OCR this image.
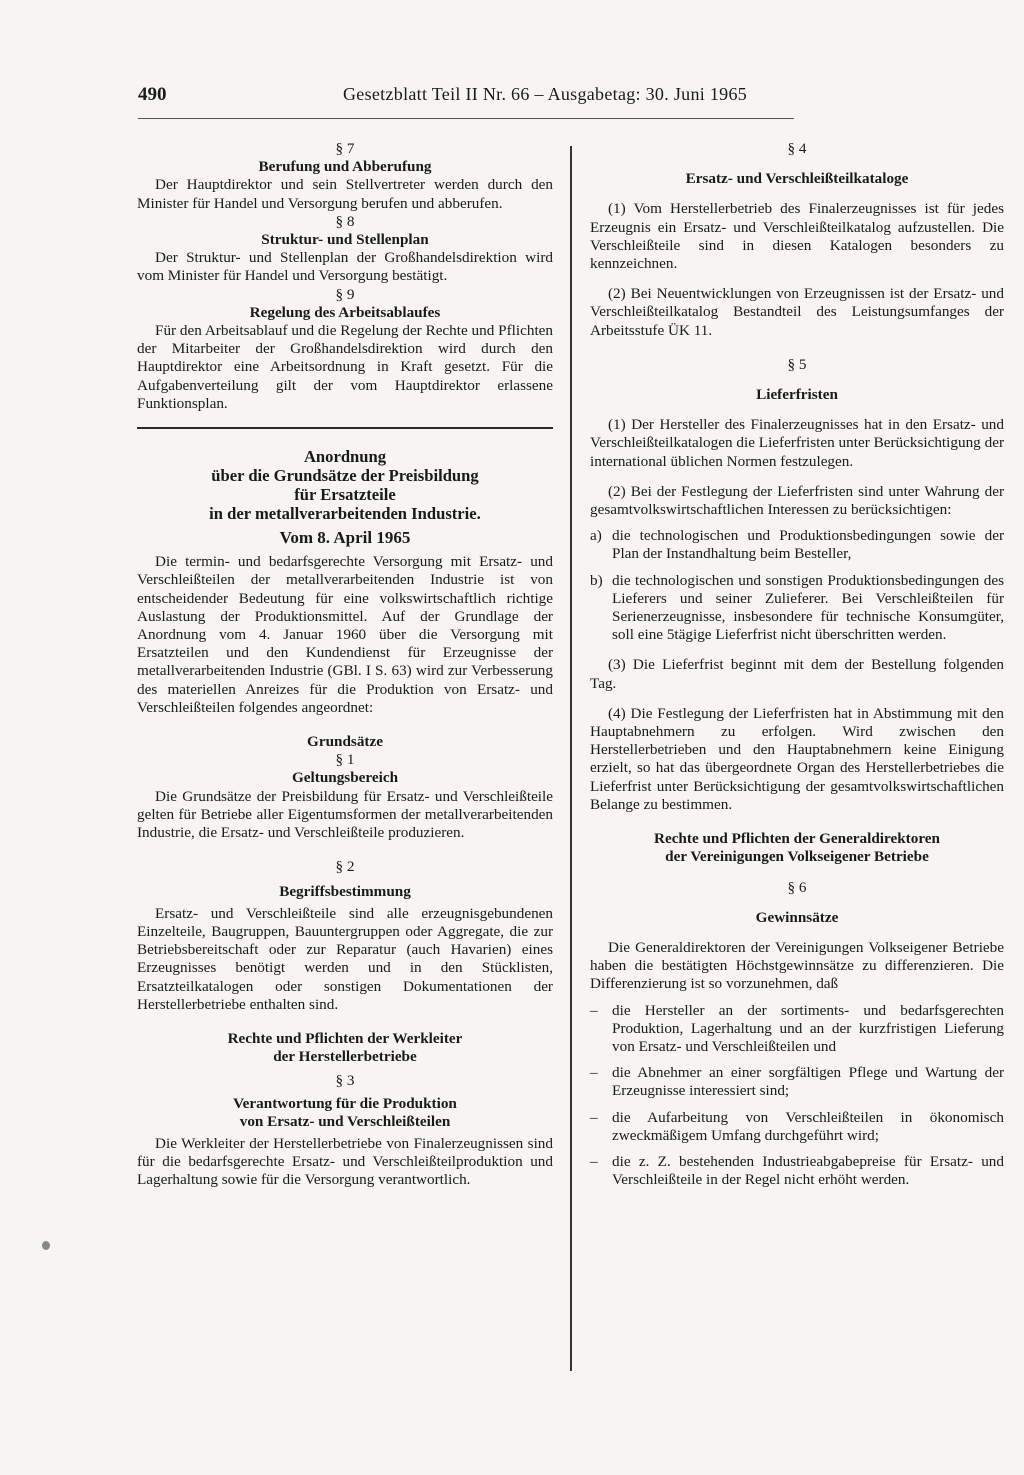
490	Gesetzblatt Teil II Nr. 66 – Ausgabetag: 30. Juni 1965
§ 7
Berufung und Abberufung
Der Hauptdirektor und sein Stellvertreter werden durch den Minister für Handel und Versorgung berufen und abberufen.
§ 8
Struktur- und Stellenplan
Der Struktur- und Stellenplan der Großhandelsdirektion wird vom Minister für Handel und Versorgung bestätigt.
§ 9
Regelung des Arbeitsablaufes
Für den Arbeitsablauf und die Regelung der Rechte und Pflichten der Mitarbeiter der Großhandelsdirektion wird durch den Hauptdirektor eine Arbeitsordnung in Kraft gesetzt. Für die Aufgabenverteilung gilt der vom Hauptdirektor erlassene Funktionsplan.
Anordnung
über die Grundsätze der Preisbildung
für Ersatzteile
in der metallverarbeitenden Industrie.
Vom 8. April 1965
Die termin- und bedarfsgerechte Versorgung mit Ersatz- und Verschleißteilen der metallverarbeitenden Industrie ist von entscheidender Bedeutung für eine volkswirtschaftlich richtige Auslastung der Produktionsmittel. Auf der Grundlage der Anordnung vom 4. Januar 1960 über die Versorgung mit Ersatzteilen und den Kundendienst für Erzeugnisse der metallverarbeitenden Industrie (GBl. I S. 63) wird zur Verbesserung des materiellen Anreizes für die Produktion von Ersatz- und Verschleißteilen folgendes angeordnet:
Grundsätze
§ 1
Geltungsbereich
Die Grundsätze der Preisbildung für Ersatz- und Verschleißteile gelten für Betriebe aller Eigentumsformen der metallverarbeitenden Industrie, die Ersatz- und Verschleißteile produzieren.
§ 2
Begriffsbestimmung
Ersatz- und Verschleißteile sind alle erzeugnisgebundenen Einzelteile, Baugruppen, Bauuntergruppen oder Aggregate, die zur Betriebsbereitschaft oder zur Reparatur (auch Havarien) eines Erzeugnisses benötigt werden und in den Stücklisten, Ersatzteilkatalogen oder sonstigen Dokumentationen der Herstellerbetriebe enthalten sind.
Rechte und Pflichten der Werkleiter
der Herstellerbetriebe
§ 3
Verantwortung für die Produktion
von Ersatz- und Verschleißteilen
Die Werkleiter der Herstellerbetriebe von Finalerzeugnissen sind für die bedarfsgerechte Ersatz- und Verschleißteilproduktion und Lagerhaltung sowie für die Versorgung verantwortlich.
§ 4
Ersatz- und Verschleißteilkataloge
(1) Vom Herstellerbetrieb des Finalerzeugnisses ist für jedes Erzeugnis ein Ersatz- und Verschleißteilkatalog aufzustellen. Die Verschleißteile sind in diesen Katalogen besonders zu kennzeichnen.
(2) Bei Neuentwicklungen von Erzeugnissen ist der Ersatz- und Verschleißteilkatalog Bestandteil des Leistungsumfanges der Arbeitsstufe ÜK 11.
§ 5
Lieferfristen
(1) Der Hersteller des Finalerzeugnisses hat in den Ersatz- und Verschleißteilkatalogen die Lieferfristen unter Berücksichtigung der international üblichen Normen festzulegen.
(2) Bei der Festlegung der Lieferfristen sind unter Wahrung der gesamtvolkswirtschaftlichen Interessen zu berücksichtigen:
a) die technologischen und Produktionsbedingungen sowie der Plan der Instandhaltung beim Besteller,
b) die technologischen und sonstigen Produktionsbedingungen des Lieferers und seiner Zulieferer. Bei Verschleißteilen für Serienerzeugnisse, insbesondere für technische Konsumgüter, soll eine 5tägige Lieferfrist nicht überschritten werden.
(3) Die Lieferfrist beginnt mit dem der Bestellung folgenden Tag.
(4) Die Festlegung der Lieferfristen hat in Abstimmung mit den Hauptabnehmern zu erfolgen. Wird zwischen den Herstellerbetrieben und den Hauptabnehmern keine Einigung erzielt, so hat das übergeordnete Organ des Herstellerbetriebes die Lieferfrist unter Berücksichtigung der gesamtvolkswirtschaftlichen Belange zu bestimmen.
Rechte und Pflichten der Generaldirektoren
der Vereinigungen Volkseigener Betriebe
§ 6
Gewinnsätze
Die Generaldirektoren der Vereinigungen Volkseigener Betriebe haben die bestätigten Höchstgewinnsätze zu differenzieren. Die Differenzierung ist so vorzunehmen, daß
– die Hersteller an der sortiments- und bedarfsgerechten Produktion, Lagerhaltung und an der kurzfristigen Lieferung von Ersatz- und Verschleißteilen und
– die Abnehmer an einer sorgfältigen Pflege und Wartung der Erzeugnisse interessiert sind;
– die Aufarbeitung von Verschleißteilen in ökonomisch zweckmäßigem Umfang durchgeführt wird;
– die z. Z. bestehenden Industrieabgabepreise für Ersatz- und Verschleißteile in der Regel nicht erhöht werden.
